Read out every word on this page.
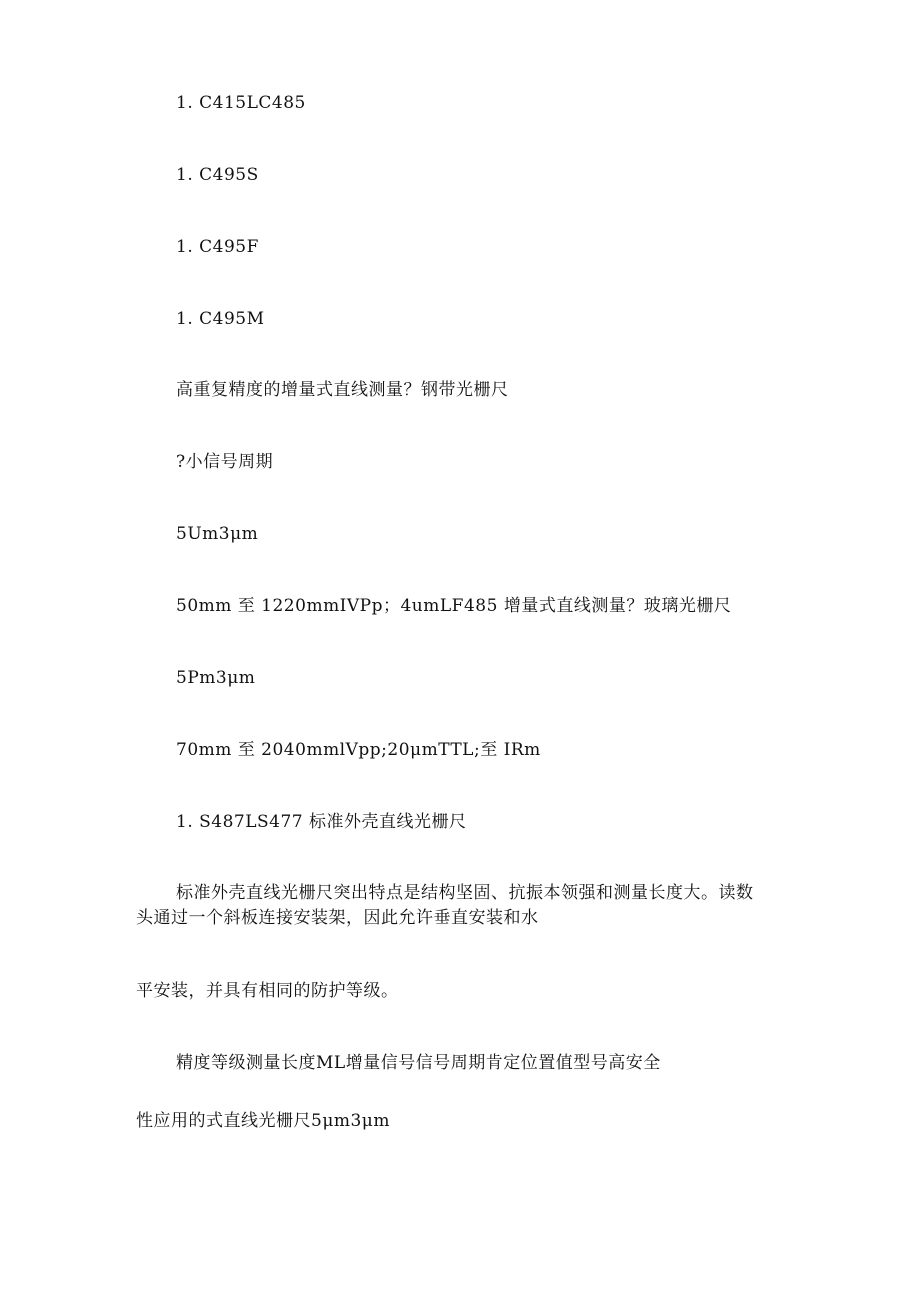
1. C415LC485
1. C495S
1. C495F
1. C495M
高重复精度的增量式直线测量？钢带光栅尺
?小信号周期
5Um3μm
50mm 至 1220mmIVPp；4umLF485 增量式直线测量？玻璃光栅尺
5Pm3μm
70mm 至 2040mmlVpp;20μmTTL;至 IRm
1. S487LS477 标准外壳直线光栅尺
标准外壳直线光栅尺突出特点是结构坚固、抗振本领强和测量长度大。读数
头通过一个斜板连接安装架，因此允许垂直安装和水
平安装，并具有相同的防护等级。
精度等级测量长度ML增量信号信号周期肯定位置值型号高安全
性应用的式直线光栅尺5μm3μm
